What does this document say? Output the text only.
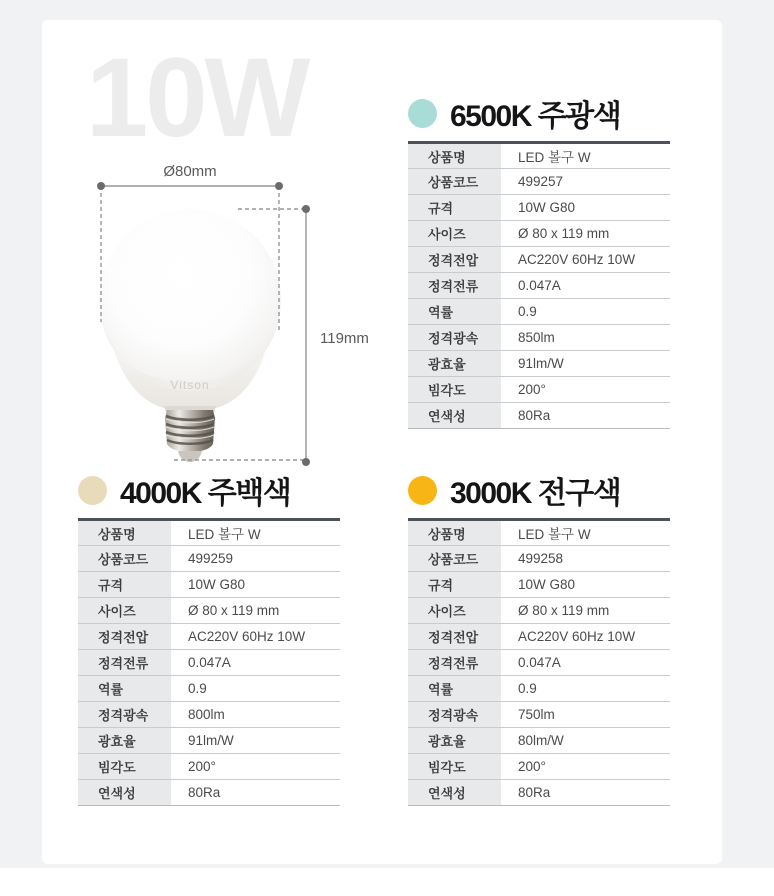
10W
Vitson
Ø80mm
119mm
6500K 주광색
상품명	LED 볼구 W
상품코드	499257
규격	10W G80
사이즈	Ø 80 x 119 mm
정격전압	AC220V 60Hz 10W
정격전류	0.047A
역률	0.9
정격광속	850lm
광효율	91lm/W
빔각도	200°
연색성	80Ra
4000K 주백색
상품명	LED 볼구 W
상품코드	499259
규격	10W G80
사이즈	Ø 80 x 119 mm
정격전압	AC220V 60Hz 10W
정격전류	0.047A
역률	0.9
정격광속	800lm
광효율	91lm/W
빔각도	200°
연색성	80Ra
3000K 전구색
상품명	LED 볼구 W
상품코드	499258
규격	10W G80
사이즈	Ø 80 x 119 mm
정격전압	AC220V 60Hz 10W
정격전류	0.047A
역률	0.9
정격광속	750lm
광효율	80lm/W
빔각도	200°
연색성	80Ra
